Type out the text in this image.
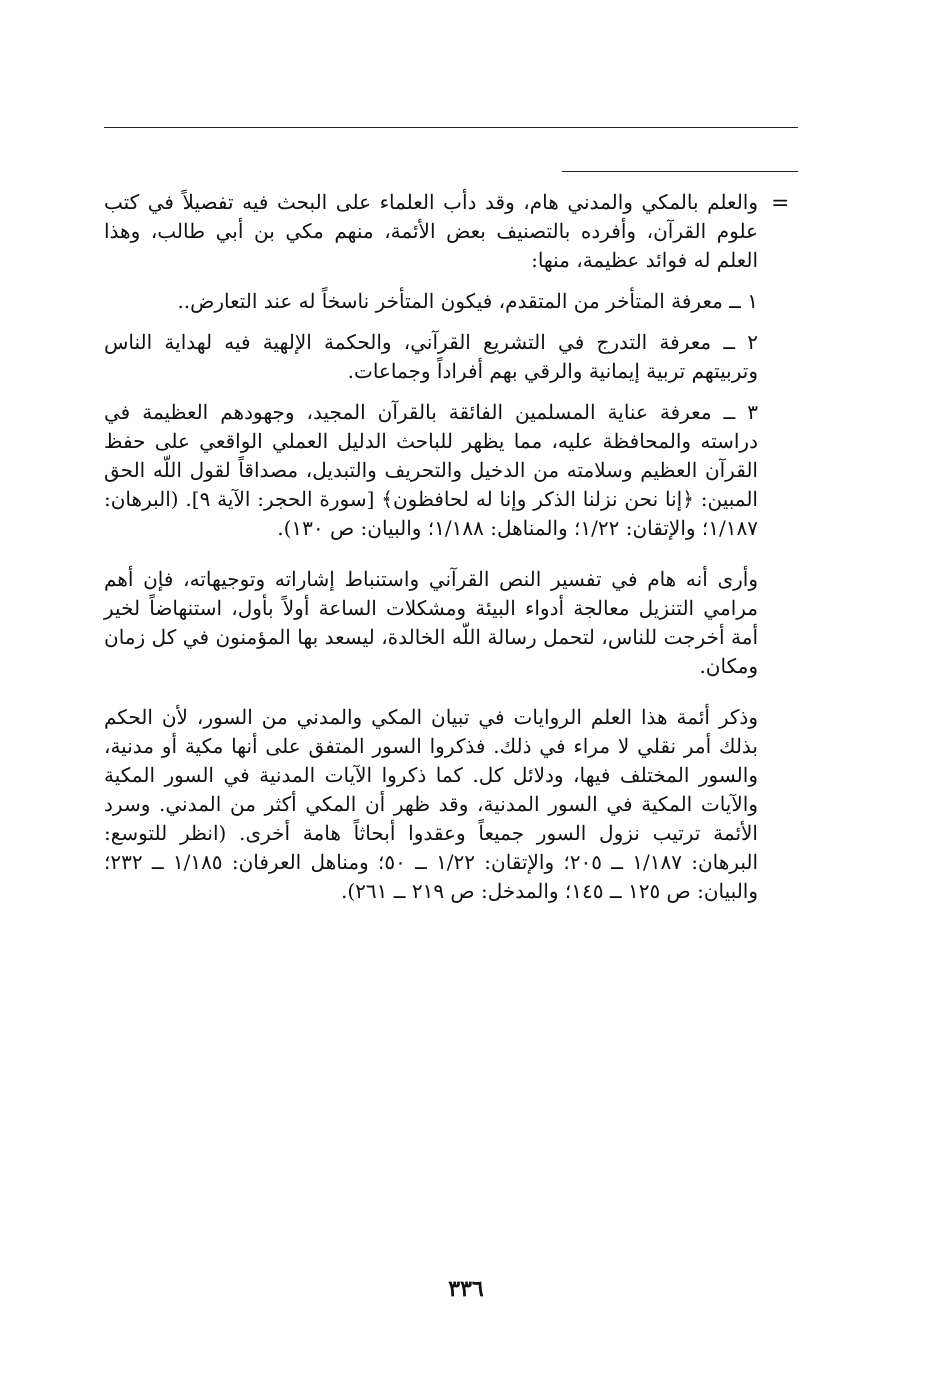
=

والعلم بالمكي والمدني هام، وقد دأب العلماء على البحث فيه تفصيلاً في كتب علوم القرآن، وأفرده بالتصنيف بعض الأئمة، منهم مكي بن أبي طالب، وهذا العلم له فوائد عظيمة، منها:

١ ــ معرفة المتأخر من المتقدم، فيكون المتأخر ناسخاً له عند التعارض..

٢ ــ معرفة التدرج في التشريع القرآني، والحكمة الإلهية فيه لهداية الناس وتربيتهم تربية إيمانية والرقي بهم أفراداً وجماعات.

٣ ــ معرفة عناية المسلمين الفائقة بالقرآن المجيد، وجهودهم العظيمة في دراسته والمحافظة عليه، مما يظهر للباحث الدليل العملي الواقعي على حفظ القرآن العظيم وسلامته من الدخيل والتحريف والتبديل، مصداقاً لقول اللّه الحق المبين: ﴿إنا نحن نزلنا الذكر وإنا له لحافظون﴾ [سورة الحجر: الآية ٩]. (البرهان: ١/١٨٧؛ والإتقان: ١/٢٢؛ والمناهل: ١/١٨٨؛ والبيان: ص ١٣٠).

وأرى أنه هام في تفسير النص القرآني واستنباط إشاراته وتوجيهاته، فإن أهم مرامي التنزيل معالجة أدواء البيئة ومشكلات الساعة أولاً بأول، استنهاضاً لخير أمة أخرجت للناس، لتحمل رسالة اللّه الخالدة، ليسعد بها المؤمنون في كل زمان ومكان.

وذكر أئمة هذا العلم الروايات في تبيان المكي والمدني من السور، لأن الحكم بذلك أمر نقلي لا مراء في ذلك. فذكروا السور المتفق على أنها مكية أو مدنية، والسور المختلف فيها، ودلائل كل. كما ذكروا الآيات المدنية في السور المكية والآيات المكية في السور المدنية، وقد ظهر أن المكي أكثر من المدني. وسرد الأئمة ترتيب نزول السور جميعاً وعقدوا أبحاثاً هامة أخرى. (انظر للتوسع: البرهان: ١/١٨٧ ــ ٢٠٥؛ والإتقان: ١/٢٢ ــ ٥٠؛ ومناهل العرفان: ١/١٨٥ ــ ٢٣٢؛ والبيان: ص ١٢٥ ــ ١٤٥؛ والمدخل: ص ٢١٩ ــ ٢٦١).

٣٣٦
